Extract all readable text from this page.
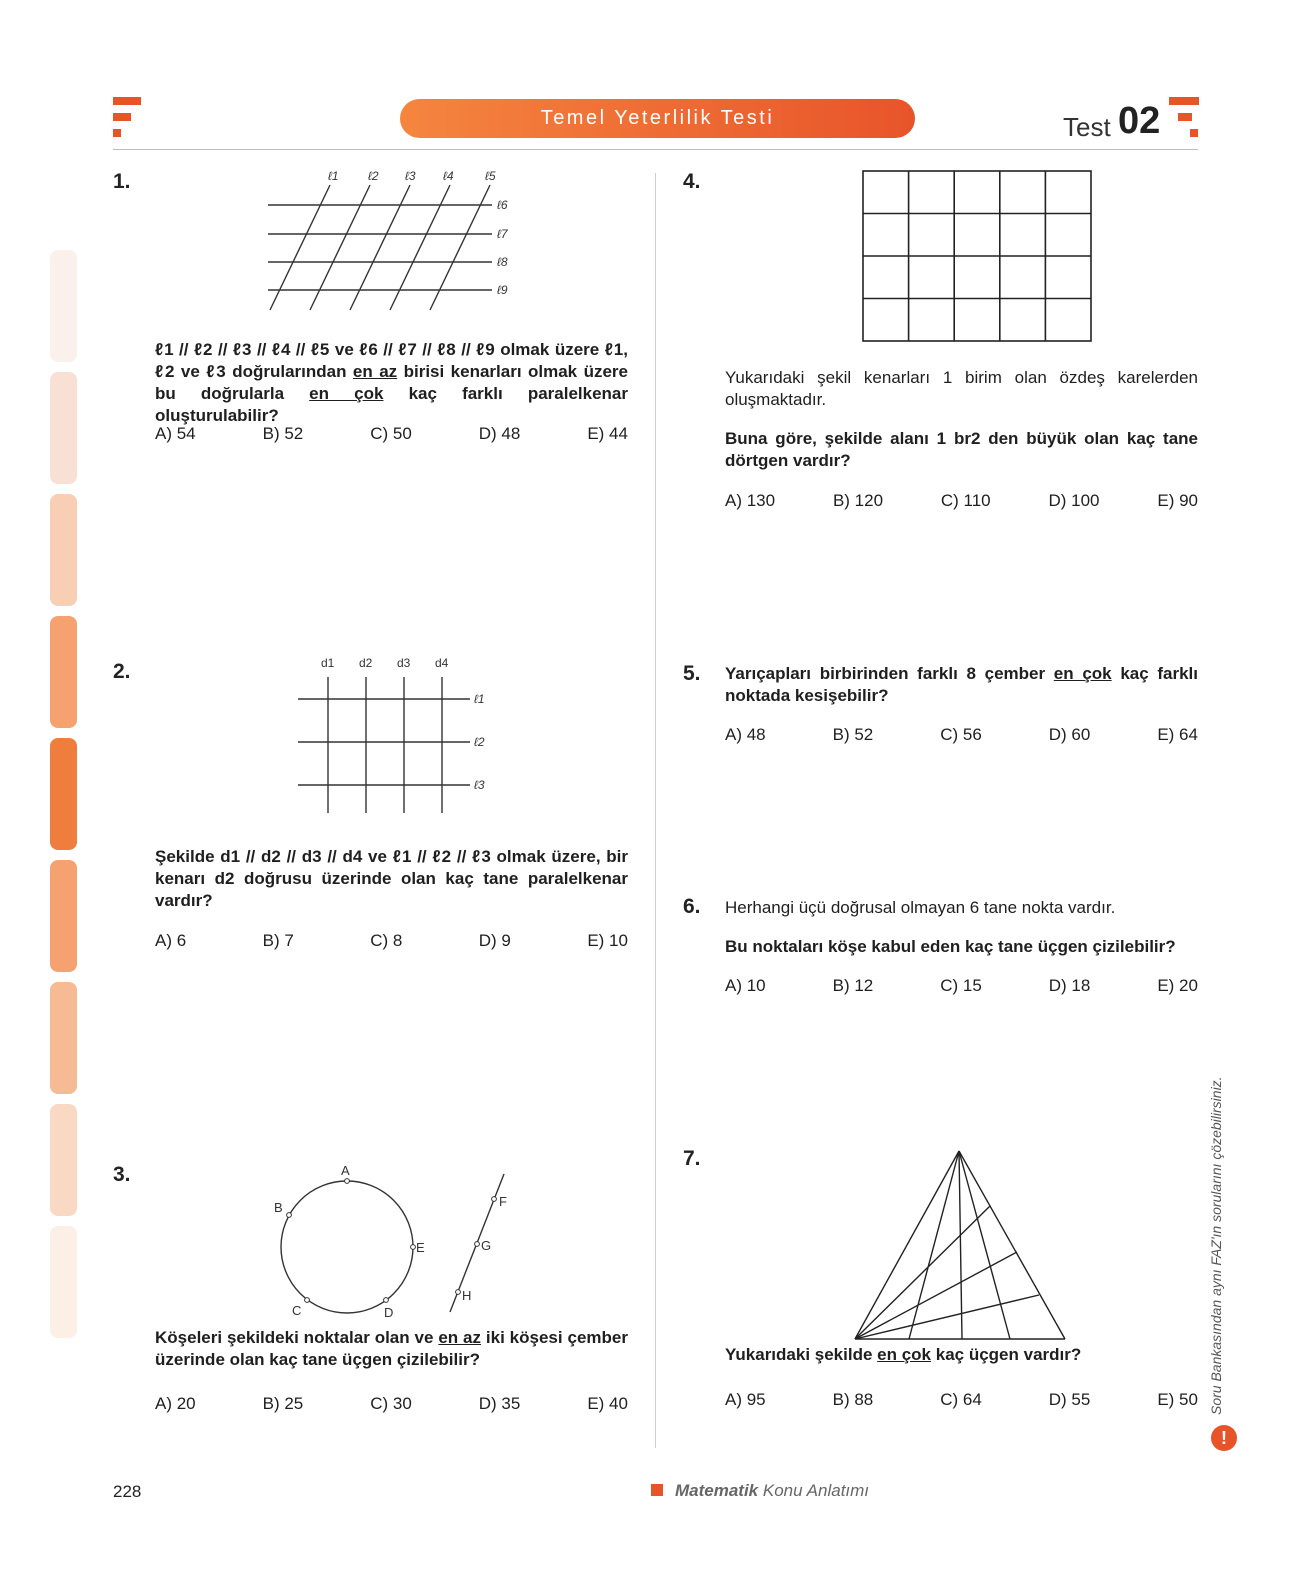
Temel Yeterlilik Testi	Test 02
1.	ℓ1 ℓ2 ℓ3 ℓ4	ℓ5
ℓ6
ℓ7
ℓ8
ℓ9
ℓ1 // ℓ2 // ℓ3 // ℓ4 // ℓ5 ve ℓ6 // ℓ7 // ℓ8 // ℓ9 olmak üzere ℓ1, ℓ2 ve ℓ3 doğrularından en az birisi kenarları olmak üzere bu doğrularla en çok kaç farklı paralelkenar oluşturulabilir?
A) 54	B) 52	C) 50	D) 48	E) 44
2.	d1 d2 d3 d4
ℓ1
ℓ2
ℓ3
Şekilde d1 // d2 // d3 // d4 ve ℓ1 // ℓ2 // ℓ3 olmak üzere, bir kenarı d2 doğrusu üzerinde olan kaç tane paralelkenar vardır?
A) 6	B) 7	C) 8	D) 9	E) 10
3.	A
B
C	D
E
F
G
H
Köşeleri şekildeki noktalar olan ve en az iki köşesi çember üzerinde olan kaç tane üçgen çizilebilir?
A) 20	B) 25	C) 30	D) 35	E) 40
4.
Yukarıdaki şekil kenarları 1 birim olan özdeş karelerden oluşmaktadır.
Buna göre, şekilde alanı 1 br2 den büyük olan kaç tane dörtgen vardır?
A) 130	B) 120	C) 110	D) 100	E) 90
5. Yarıçapları birbirinden farklı 8 çember en çok kaç farklı noktada kesişebilir?
A) 48	B) 52	C) 56	D) 60	E) 64
6. Herhangi üçü doğrusal olmayan 6 tane nokta vardır.
Bu noktaları köşe kabul eden kaç tane üçgen çizilebilir?
A) 10	B) 12	C) 15	D) 18	E) 20
7.
Yukarıdaki şekilde en çok kaç üçgen vardır?
A) 95	B) 88	C) 64	D) 55	E) 50 Soru Bankasından aynı FAZ'ın sorularını çözebilirsiniz.
!
228	Matematik Konu Anlatımı
